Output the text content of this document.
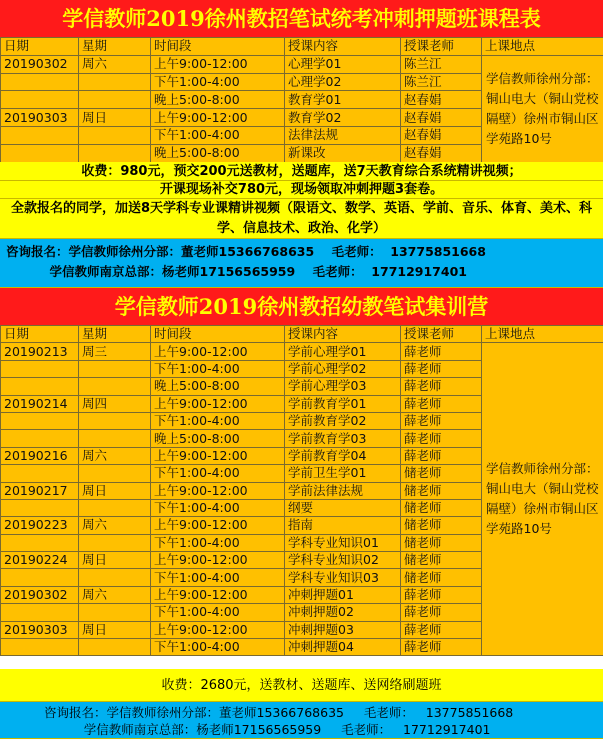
学信教师2019徐州教招笔试统考冲刺押题班课程表
日期	星期	时间段	授课内容	授课老师	上课地点
20190302	周六	上午9:00-12:00	心理学01	陈兰江	学信教师徐州分部：铜山电大（铜山党校隔壁）徐州市铜山区学苑路10号
		下午1:00-4:00	心理学02	陈兰江	
		晚上5:00-8:00	教育学01	赵春娟	
20190303	周日	上午9:00-12:00	教育学02	赵春娟	
		下午1:00-4:00	法律法规	赵春娟	
		晚上5:00-8:00	新课改	赵春娟	
收费：980元，预交200元送教材，送题库，送7天教育综合系统精讲视频；
开课现场补交780元，现场领取冲刺押题3套卷。
全款报名的同学，加送8天学科专业课精讲视频（限语文、数学、英语、学前、音乐、体育、美术、科学、信息技术、政治、化学）
咨询报名：学信教师徐州分部：董老师15366768635    毛老师：  13775851668
学信教师南京总部：杨老师17156565959    毛老师：  17712917401
学信教师2019徐州教招幼教笔试集训营
日期	星期	时间段	授课内容	授课老师	上课地点
20190213	周三	上午9:00-12:00	学前心理学01	薛老师	学信教师徐州分部：铜山电大（铜山党校隔壁）徐州市铜山区学苑路10号
		下午1:00-4:00	学前心理学02	薛老师	
		晚上5:00-8:00	学前心理学03	薛老师	
20190214	周四	上午9:00-12:00	学前教育学01	薛老师	
		下午1:00-4:00	学前教育学02	薛老师	
		晚上5:00-8:00	学前教育学03	薛老师	
20190216	周六	上午9:00-12:00	学前教育学04	薛老师	
		下午1:00-4:00	学前卫生学01	储老师	
20190217	周日	上午9:00-12:00	学前法律法规	储老师	
		下午1:00-4:00	纲要	储老师	
20190223	周六	上午9:00-12:00	指南	储老师	
		下午1:00-4:00	学科专业知识01	储老师	
20190224	周日	上午9:00-12:00	学科专业知识02	储老师	
		下午1:00-4:00	学科专业知识03	储老师	
20190302	周六	上午9:00-12:00	冲刺押题01	薛老师	
		下午1:00-4:00	冲刺押题02	薛老师	
20190303	周日	上午9:00-12:00	冲刺押题03	薛老师	
		下午1:00-4:00	冲刺押题04	薛老师	
收费：2680元，送教材、送题库、送网络刷题班
咨询报名：学信教师徐州分部：董老师15366768635     毛老师：   13775851668
学信教师南京总部：杨老师17156565959     毛老师：   17712917401
